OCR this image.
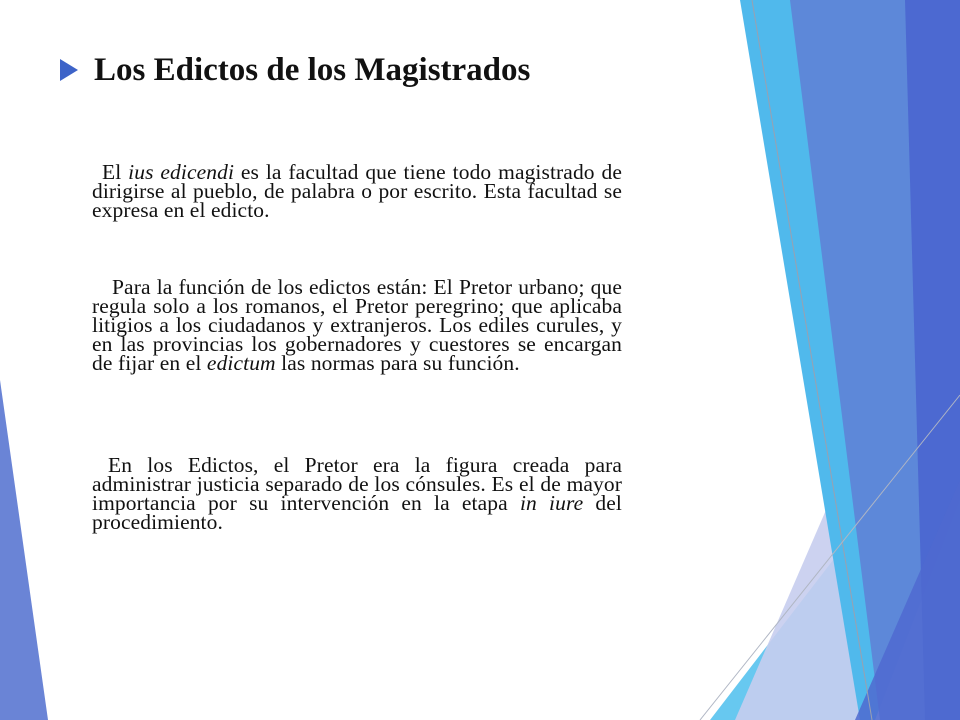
Los Edictos de los Magistrados

El ius edicendi es la facultad que tiene todo magistrado de dirigirse al pueblo, de palabra o por escrito. Esta facultad se expresa en el edicto.

Para la función de los edictos están: El Pretor urbano; que regula solo a los romanos, el Pretor peregrino; que aplicaba litigios a los ciudadanos y extranjeros. Los ediles curules, y en las provincias los gobernadores y cuestores se encargan de fijar en el edictum las normas para su función.

En los Edictos, el Pretor era la figura creada para administrar justicia separado de los cónsules. Es el de mayor importancia por su intervención en la etapa in iure del procedimiento.
